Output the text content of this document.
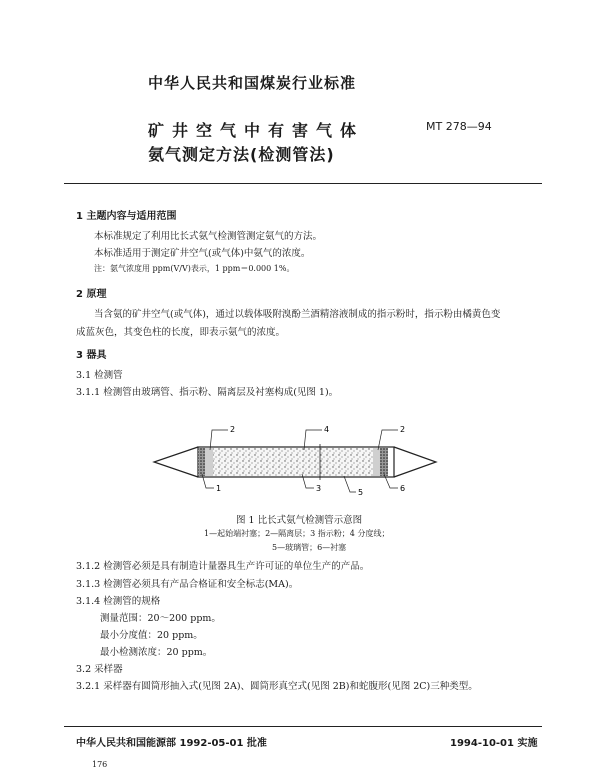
中华人民共和国煤炭行业标准
矿井空气中有害气体
氨气测定方法(检测管法)
MT 278—94
1 主题内容与适用范围
本标准规定了利用比长式氨气检测管测定氨气的方法。
本标准适用于测定矿井空气(或气体)中氨气的浓度。
注：氨气浓度用 ppm(V/V)表示，1 ppm＝0.000 1%。
2 原理
当含氨的矿井空气(或气体)，通过以载体吸附溴酚兰酒精溶液制成的指示粉时，指示粉由橘黄色变
成蓝灰色，其变色柱的长度，即表示氨气的浓度。
3 器具
3.1 检测管
3.1.1 检测管由玻璃管、指示粉、隔离层及衬塞构成(见图 1)。
2	4	2
1	3	5	6
图 1 比长式氨气检测管示意图
1—起始端衬塞；2—隔离层；3 指示粉；4 分度线；
5—玻璃管；6—衬塞
3.1.2 检测管必须是具有制造计量器具生产许可证的单位生产的产品。
3.1.3 检测管必须具有产品合格证和安全标志(MA)。
3.1.4 检测管的规格
测量范围：20～200 ppm。
最小分度值：20 ppm。
最小检测浓度：20 ppm。
3.2 采样器
3.2.1 采样器有圆筒形抽入式(见图 2A)、圆筒形真空式(见图 2B)和蛇腹形(见图 2C)三种类型。
中华人民共和国能源部 1992-05-01 批准	1994-10-01 实施
176
